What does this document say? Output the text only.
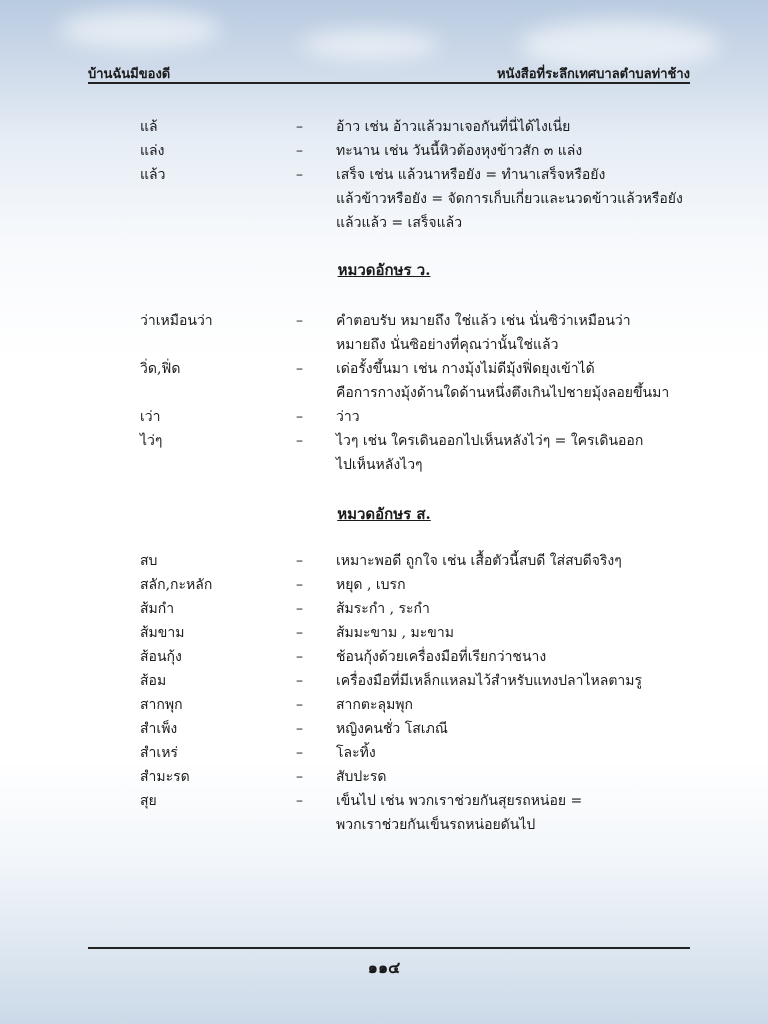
บ้านฉันมีของดี	หนังสือที่ระลึกเทศบาลตำบลท่าช้าง
แล้	– อ้าว เช่น อ้าวแล้วมาเจอกันที่นี่ได้ไงเนี่ย
แล่ง	– ทะนาน เช่น วันนี้หิวต้องหุงข้าวสัก ๓ แล่ง
แล้ว	– เสร็จ เช่น แล้วนาหรือยัง = ทำนาเสร็จหรือยัง
แล้วข้าวหรือยัง = จัดการเก็บเกี่ยวและนวดข้าวแล้วหรือยัง
แล้วแล้ว = เสร็จแล้ว
หมวดอักษร ว.
ว่าเหมือนว่า	– คำตอบรับ หมายถึง ใช่แล้ว เช่น นั่นซิว่าเหมือนว่า
หมายถึง นั่นซิอย่างที่คุณว่านั้นใช่แล้ว
วิ่ด,ฟิ่ด	– เด่อรั้งขึ้นมา เช่น กางมุ้งไม่ดีมุ้งฟิ่ดยุงเข้าได้
คือการกางมุ้งด้านใดด้านหนึ่งตึงเกินไปชายมุ้งลอยขึ้นมา
เว่า	– ว่าว
ไว่ๆ	– ไวๆ เช่น ใครเดินออกไปเห็นหลังไว่ๆ = ใครเดินออก
ไปเห็นหลังไวๆ
หมวดอักษร ส.
สบ	– เหมาะพอดี ถูกใจ เช่น เสื้อตัวนี้สบดี ใส่สบดีจริงๆ
สลัก,กะหลัก	– หยุด , เบรก
ส้มกำ	– ส้มระกำ , ระกำ
ส้มขาม	– ส้มมะขาม , มะขาม
ส้อนกุ้ง	– ช้อนกุ้งด้วยเครื่องมือที่เรียกว่าชนาง
ส้อม	– เครื่องมือที่มีเหล็กแหลมไว้สำหรับแทงปลาไหลตามรู
สากพุก	– สากตะลุมพุก
สำเพ็ง	– หญิงคนชั่ว โสเภณี
สำเหร่	– โละทิ้ง
สำมะรด	– สับปะรด
สุย	– เข็นไป เช่น พวกเราช่วยกันสุยรถหน่อย =
พวกเราช่วยกันเข็นรถหน่อยดันไป
๑๑๔
